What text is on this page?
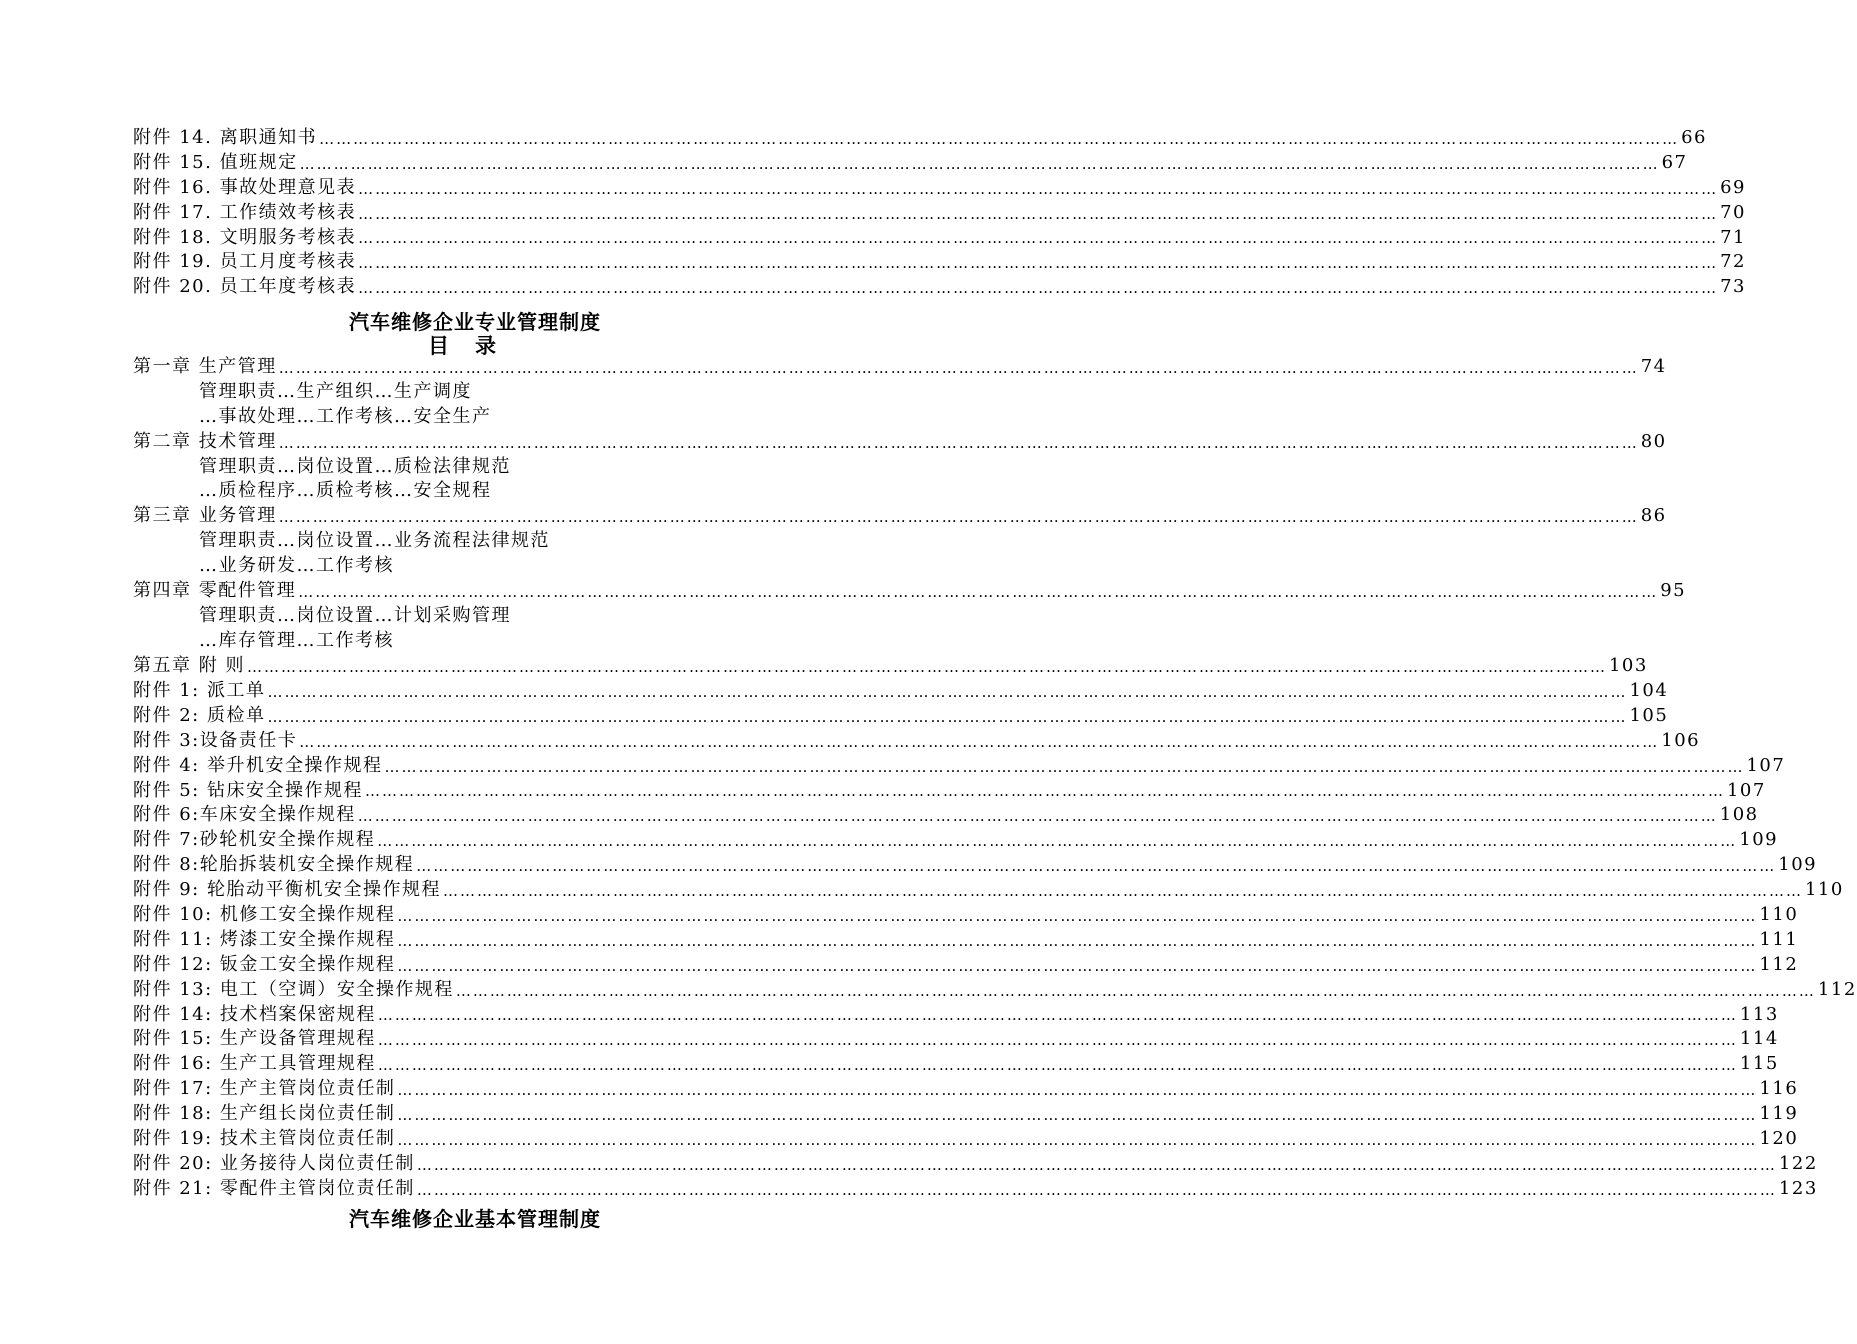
附件 14. 离职通知书 …………………………………………………………………………………………………………………………………………………………………………………………………………………… 66
附件 15. 值班规定 …………………………………………………………………………………………………………………………………………………………………………………………………………………… 67
附件 16. 事故处理意见表 …………………………………………………………………………………………………………………………………………………………………………………………………………………… 69
附件 17. 工作绩效考核表 …………………………………………………………………………………………………………………………………………………………………………………………………………………… 70
附件 18. 文明服务考核表 …………………………………………………………………………………………………………………………………………………………………………………………………………………… 71
附件 19. 员工月度考核表 …………………………………………………………………………………………………………………………………………………………………………………………………………………… 72
附件 20. 员工年度考核表 …………………………………………………………………………………………………………………………………………………………………………………………………………………… 73
汽车维修企业专业管理制度
目录
第一章 生产管理 …………………………………………………………………………………………………………………………………………………………………………………………………………………… 74
管理职责…生产组织…生产调度
…事故处理…工作考核…安全生产
第二章 技术管理 …………………………………………………………………………………………………………………………………………………………………………………………………………………… 80
管理职责…岗位设置…质检法律规范
…质检程序…质检考核…安全规程
第三章 业务管理 …………………………………………………………………………………………………………………………………………………………………………………………………………………… 86
管理职责…岗位设置…业务流程法律规范
…业务研发…工作考核
第四章 零配件管理 …………………………………………………………………………………………………………………………………………………………………………………………………………………… 95
管理职责…岗位设置…计划采购管理
…库存管理…工作考核
第五章 附 则 …………………………………………………………………………………………………………………………………………………………………………………………………………………… 103
附件 1: 派工单 …………………………………………………………………………………………………………………………………………………………………………………………………………………… 104
附件 2: 质检单 …………………………………………………………………………………………………………………………………………………………………………………………………………………… 105
附件 3:设备责任卡 …………………………………………………………………………………………………………………………………………………………………………………………………………………… 106
附件 4: 举升机安全操作规程 …………………………………………………………………………………………………………………………………………………………………………………………………………………… 107
附件 5: 钻床安全操作规程 …………………………………………………………………………………………………………………………………………………………………………………………………………………… 107
附件 6:车床安全操作规程 …………………………………………………………………………………………………………………………………………………………………………………………………………………… 108
附件 7:砂轮机安全操作规程 …………………………………………………………………………………………………………………………………………………………………………………………………………………… 109
附件 8:轮胎拆装机安全操作规程 …………………………………………………………………………………………………………………………………………………………………………………………………………………… 109
附件 9: 轮胎动平衡机安全操作规程 …………………………………………………………………………………………………………………………………………………………………………………………………………………… 110
附件 10: 机修工安全操作规程 …………………………………………………………………………………………………………………………………………………………………………………………………………………… 110
附件 11: 烤漆工安全操作规程 …………………………………………………………………………………………………………………………………………………………………………………………………………………… 111
附件 12: 钣金工安全操作规程 …………………………………………………………………………………………………………………………………………………………………………………………………………………… 112
附件 13: 电工（空调）安全操作规程 …………………………………………………………………………………………………………………………………………………………………………………………………………………… 112
附件 14: 技术档案保密规程 …………………………………………………………………………………………………………………………………………………………………………………………………………………… 113
附件 15: 生产设备管理规程 …………………………………………………………………………………………………………………………………………………………………………………………………………………… 114
附件 16: 生产工具管理规程 …………………………………………………………………………………………………………………………………………………………………………………………………………………… 115
附件 17: 生产主管岗位责任制 …………………………………………………………………………………………………………………………………………………………………………………………………………………… 116
附件 18: 生产组长岗位责任制 …………………………………………………………………………………………………………………………………………………………………………………………………………………… 119
附件 19: 技术主管岗位责任制 …………………………………………………………………………………………………………………………………………………………………………………………………………………… 120
附件 20: 业务接待人岗位责任制 …………………………………………………………………………………………………………………………………………………………………………………………………………………… 122
附件 21: 零配件主管岗位责任制 …………………………………………………………………………………………………………………………………………………………………………………………………………………… 123
汽车维修企业基本管理制度
